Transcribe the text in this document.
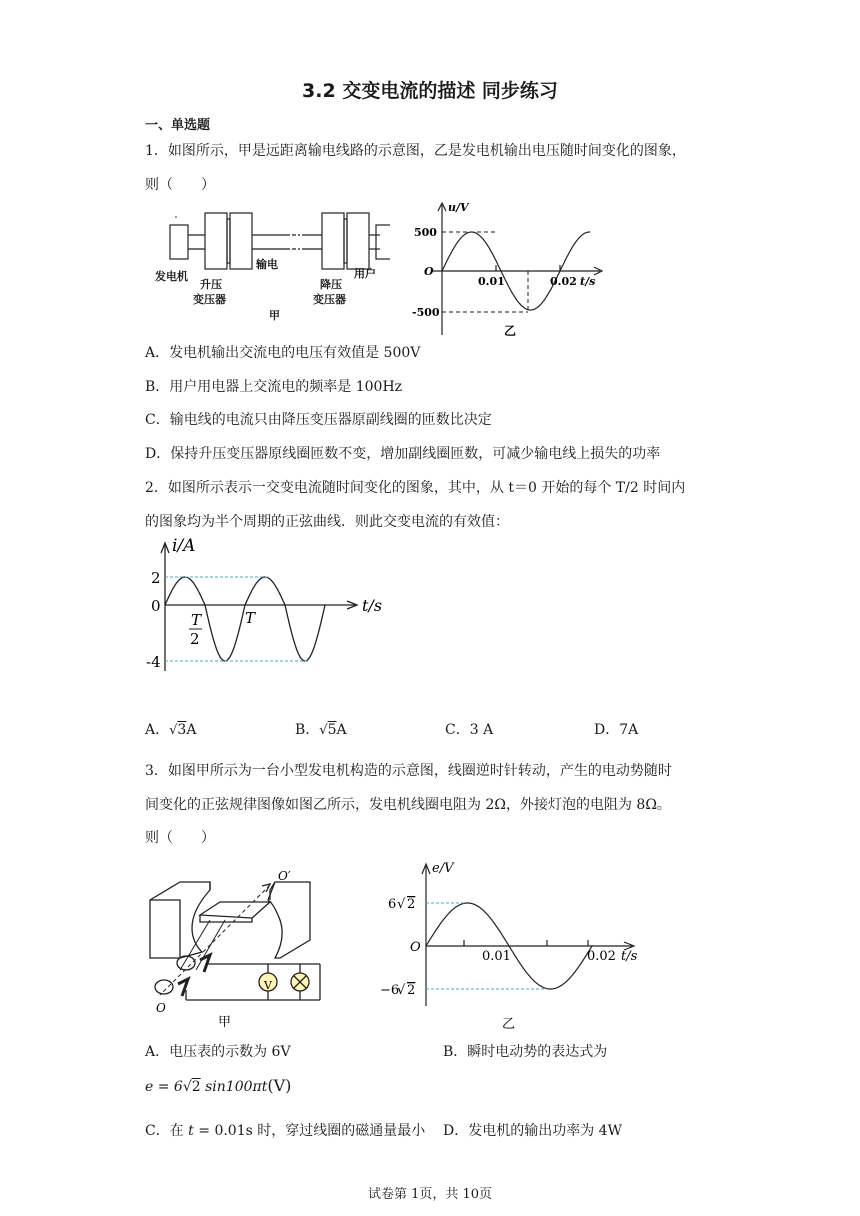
3.2 交变电流的描述 同步练习
一、单选题
1．如图所示，甲是远距离输电线路的示意图，乙是发电机输出电压随时间变化的图象，
则（　　）
发电机
升压
变压器
输电
降压
变压器
用户
甲
u/V
500
O
-500
0.01	0.02 t/s
乙
A．发电机输出交流电的电压有效值是 500V
B．用户用电器上交流电的频率是 100Hz
C．输电线的电流只由降压变压器原副线圈的匝数比决定
D．保持升压变压器原线圈匝数不变，增加副线圈匝数，可减少输电线上损失的功率
2．如图所示表示一交变电流随时间变化的图象，其中，从 t＝0 开始的每个 T/2 时间内
的图象均为半个周期的正弦曲线．则此交变电流的有效值：
i/A
2
0
-4
T
2
T
t/s
A．√3A	B．√5A	C．3 A	D．7A
3．如图甲所示为一台小型发电机构造的示意图，线圈逆时针转动，产生的电动势随时
间变化的正弦规律图像如图乙所示，发电机线圈电阻为 2Ω，外接灯泡的电阻为 8Ω。
则（　　）
V
O′
O
甲
e/V
6 √ 2
O
−6
√ 2
0.01	0.02 t/s
乙
A．电压表的示数为 6V	B．瞬时电动势的表达式为
e = 6√2 sin100πt(V)
C．在 t = 0.01s 时，穿过线圈的磁通量最小 D．发电机的输出功率为 4W
试卷第 1页，共 10页
